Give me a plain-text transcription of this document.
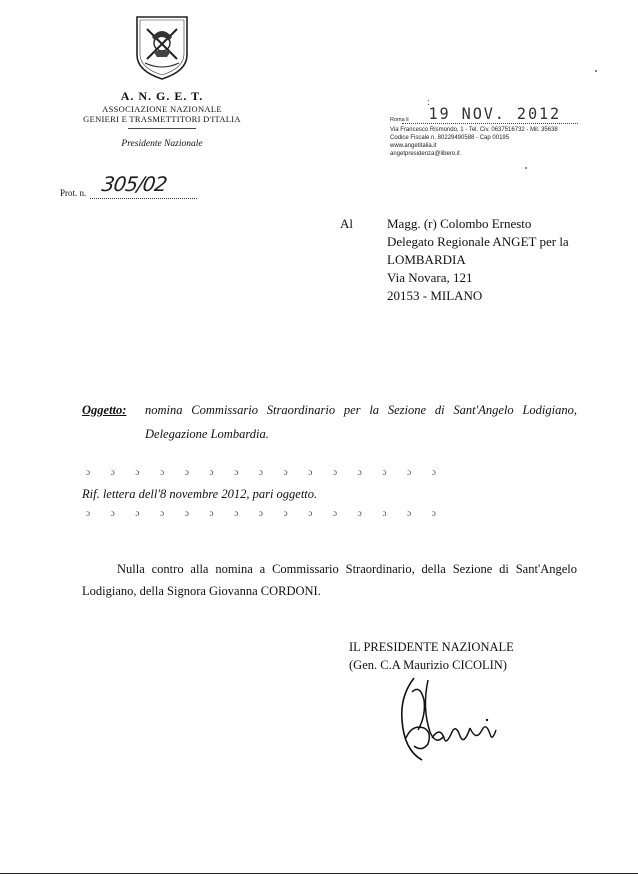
A. N. G. E. T.
ASSOCIAZIONE NAZIONALE
GENIERI E TRASMETTITORI D'ITALIA
Presidente Nazionale
Prot. n. 305/02
:
19 NOV. 2012
Roma li
Via Francesco Rismondo, 1 - Tel. Civ. 0637516732 - Mil. 35638
Codice Fiscale n. 80229490588 - Cap 00195
www.angetitalia.it
angetpresidenza@libero.it
Al	Magg. (r) Colombo Ernesto
Delegato Regionale ANGET per la
LOMBARDIA
Via Novara, 121
20153 - MILANO
Oggetto: nomina Commissario Straordinario per la Sezione di Sant'Angelo Lodigiano,
Delegazione Lombardia.
ɔ ɔ ɔ ɔ ɔ ɔ ɔ ɔ ɔ ɔ ɔ ɔ ɔ ɔ ɔ
Rif. lettera dell'8 novembre 2012, pari oggetto.
ɔ ɔ ɔ ɔ ɔ ɔ ɔ ɔ ɔ ɔ ɔ ɔ ɔ ɔ ɔ
Nulla contro alla nomina a Commissario Straordinario, della Sezione di Sant'Angelo
Lodigiano, della Signora Giovanna CORDONI.
IL PRESIDENTE NAZIONALE
(Gen. C.A Maurizio CICOLIN)
